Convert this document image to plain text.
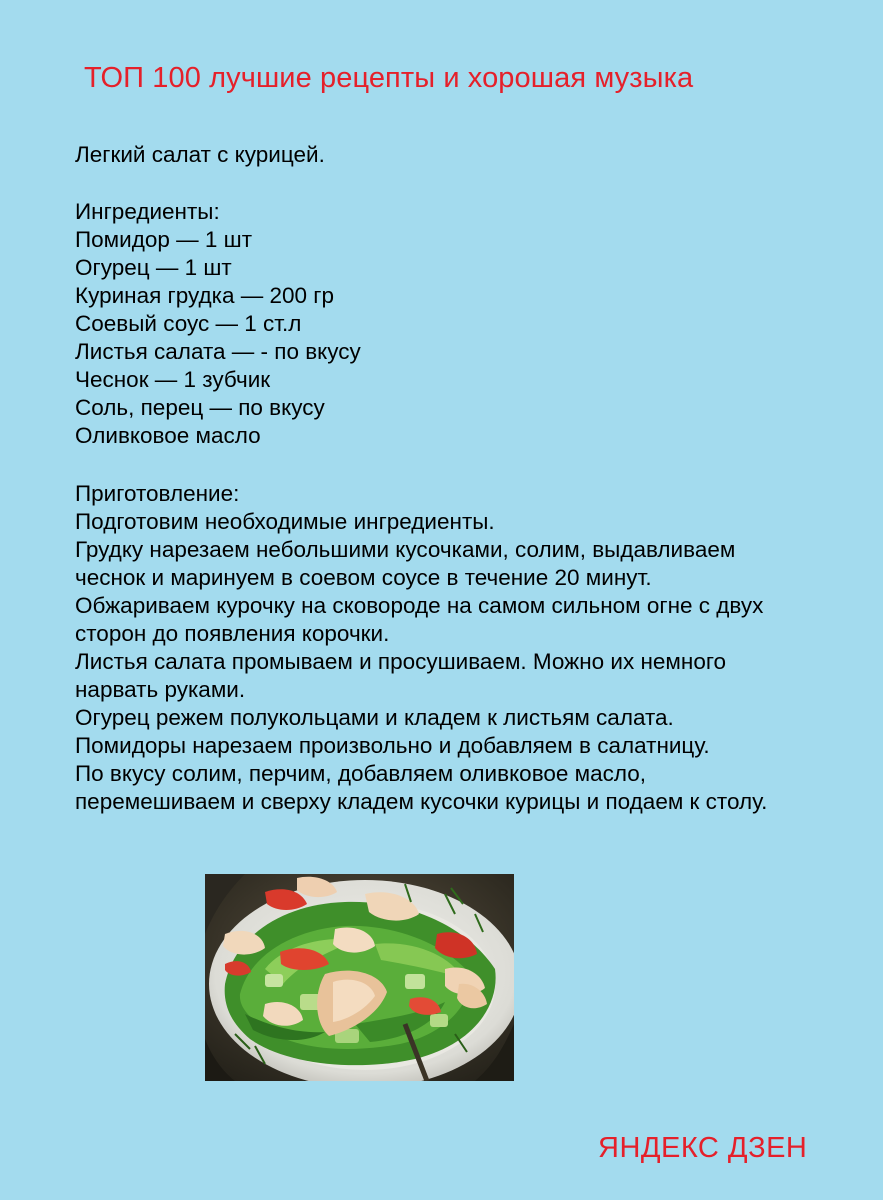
ТОП 100 лучшие рецепты и хорошая музыка
Легкий салат с курицей.
Ингредиенты:
Помидор — 1 шт
Огурец — 1 шт
Куриная грудка — 200 гр
Соевый соус — 1 ст.л
Листья салата — - по вкусу
Чеснок — 1 зубчик
Соль, перец — по вкусу
Оливковое масло
Приготовление:
Подготовим необходимые ингредиенты.
Грудку нарезаем небольшими кусочками, солим, выдавливаем
чеснок и маринуем в соевом соусе в течение 20 минут.
Обжариваем курочку на сковороде на самом сильном огне с двух
сторон до появления корочки.
Листья салата промываем и просушиваем. Можно их немного
нарвать руками.
Огурец режем полукольцами и кладем к листьям салата.
Помидоры нарезаем произвольно и добавляем в салатницу.
По вкусу солим, перчим, добавляем оливковое масло,
перемешиваем и сверху кладем кусочки курицы и подаем к столу.
ЯНДЕКС ДЗЕН
